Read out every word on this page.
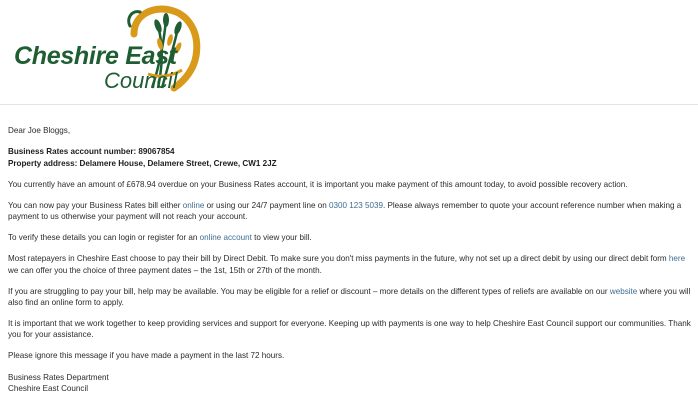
Cheshire East
Council

Dear Joe Bloggs,

Business Rates account number: 89067854

Property address: Delamere House, Delamere Street, Crewe, CW1 2JZ

You currently have an amount of £678.94 overdue on your Business Rates account, it is important you make payment of this amount today, to avoid possible recovery action.

You can now pay your Business Rates bill either online or using our 24/7 payment line on 0300 123 5039. Please always remember to quote your account reference number when making a payment to us otherwise your payment will not reach your account.

To verify these details you can login or register for an online account to view your bill.

Most ratepayers in Cheshire East choose to pay their bill by Direct Debit. To make sure you don't miss payments in the future, why not set up a direct debit by using our direct debit form here we can offer you the choice of three payment dates – the 1st, 15th or 27th of the month.

If you are struggling to pay your bill, help may be available. You may be eligible for a relief or discount – more details on the different types of reliefs are available on our website where you will also find an online form to apply.

It is important that we work together to keep providing services and support for everyone. Keeping up with payments is one way to help Cheshire East Council support our communities. Thank you for your assistance.

Please ignore this message if you have made a payment in the last 72 hours.

Business Rates Department

Cheshire East Council
